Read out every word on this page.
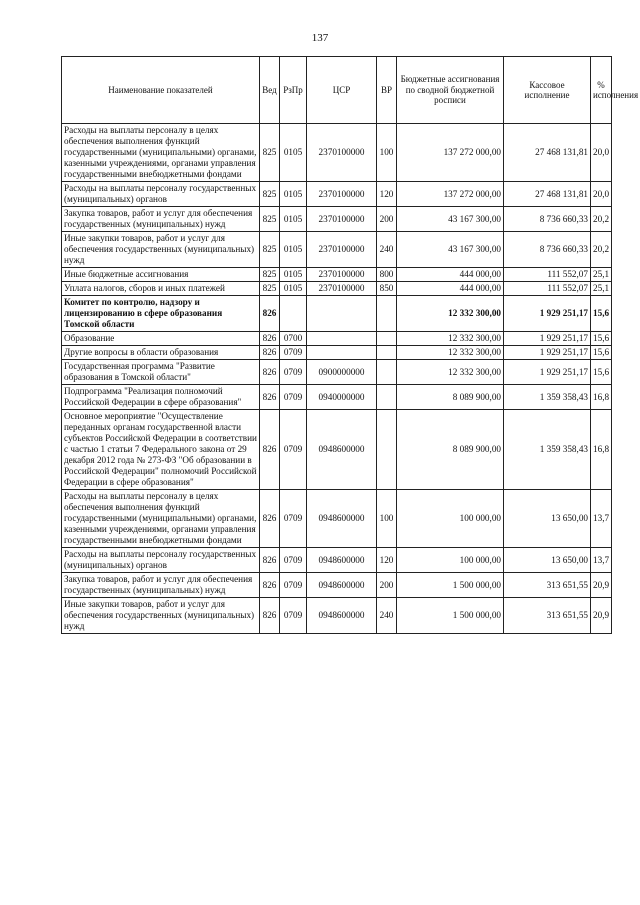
137
Наименование показателей	Вед	РзПр	ЦСР	ВР	Бюджетные ассигнования по сводной бюджетной росписи	Кассовое исполнение	% исполнения
Расходы на выплаты персоналу в целях обеспечения выполнения функций государственными (муниципальными) органами, казенными учреждениями, органами управления государственными внебюджетными фондами	825	0105	2370100000	100	137 272 000,00	27 468 131,81	20,0
Расходы на выплаты персоналу государственных (муниципальных) органов	825	0105	2370100000	120	137 272 000,00	27 468 131,81	20,0
Закупка товаров, работ и услуг для обеспечения государственных (муниципальных) нужд	825	0105	2370100000	200	43 167 300,00	8 736 660,33	20,2
Иные закупки товаров, работ и услуг для обеспечения государственных (муниципальных) нужд	825	0105	2370100000	240	43 167 300,00	8 736 660,33	20,2
Иные бюджетные ассигнования	825	0105	2370100000	800	444 000,00	111 552,07	25,1
Уплата налогов, сборов и иных платежей	825	0105	2370100000	850	444 000,00	111 552,07	25,1
Комитет по контролю, надзору и лицензированию в сфере образования Томской области	826				12 332 300,00	1 929 251,17	15,6
Образование	826	0700			12 332 300,00	1 929 251,17	15,6
Другие вопросы в области образования	826	0709			12 332 300,00	1 929 251,17	15,6
Государственная программа "Развитие образования в Томской области"	826	0709	0900000000		12 332 300,00	1 929 251,17	15,6
Подпрограмма "Реализация полномочий Российской Федерации в сфере образования"	826	0709	0940000000		8 089 900,00	1 359 358,43	16,8
Основное мероприятие "Осуществление переданных органам государственной власти субъектов Российской Федерации в соответствии с частью 1 статьи 7 Федерального закона от 29 декабря 2012 года № 273-ФЗ "Об образовании в Российской Федерации" полномочий Российской Федерации в сфере образования"	826	0709	0948600000		8 089 900,00	1 359 358,43	16,8
Расходы на выплаты персоналу в целях обеспечения выполнения функций государственными (муниципальными) органами, казенными учреждениями, органами управления государственными внебюджетными фондами	826	0709	0948600000	100	100 000,00	13 650,00	13,7
Расходы на выплаты персоналу государственных (муниципальных) органов	826	0709	0948600000	120	100 000,00	13 650,00	13,7
Закупка товаров, работ и услуг для обеспечения государственных (муниципальных) нужд	826	0709	0948600000	200	1 500 000,00	313 651,55	20,9
Иные закупки товаров, работ и услуг для обеспечения государственных (муниципальных) нужд	826	0709	0948600000	240	1 500 000,00	313 651,55	20,9
